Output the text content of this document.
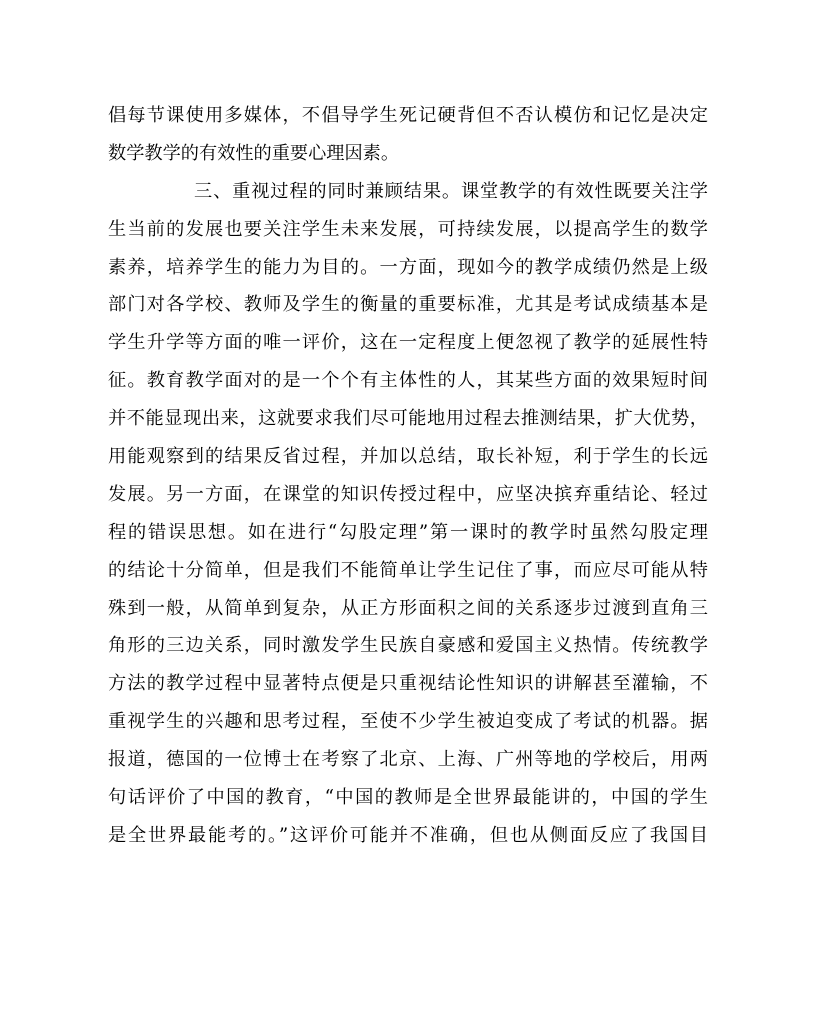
倡每节课使用多媒体，不倡导学生死记硬背但不否认模仿和记忆是决定
数学教学的有效性的重要心理因素。
三、重视过程的同时兼顾结果。课堂教学的有效性既要关注学
生当前的发展也要关注学生未来发展，可持续发展，以提高学生的数学
素养，培养学生的能力为目的。一方面，现如今的教学成绩仍然是上级
部门对各学校、教师及学生的衡量的重要标准，尤其是考试成绩基本是
学生升学等方面的唯一评价，这在一定程度上便忽视了教学的延展性特
征。教育教学面对的是一个个有主体性的人，其某些方面的效果短时间
并不能显现出来，这就要求我们尽可能地用过程去推测结果，扩大优势，
用能观察到的结果反省过程，并加以总结，取长补短，利于学生的长远
发展。另一方面，在课堂的知识传授过程中，应坚决摈弃重结论、轻过
程的错误思想。如在进行“勾股定理”第一课时的教学时虽然勾股定理
的结论十分简单，但是我们不能简单让学生记住了事，而应尽可能从特
殊到一般，从简单到复杂，从正方形面积之间的关系逐步过渡到直角三
角形的三边关系，同时激发学生民族自豪感和爱国主义热情。传统教学
方法的教学过程中显著特点便是只重视结论性知识的讲解甚至灌输，不
重视学生的兴趣和思考过程，至使不少学生被迫变成了考试的机器。据
报道，德国的一位博士在考察了北京、上海、广州等地的学校后，用两
句话评价了中国的教育，“中国的教师是全世界最能讲的，中国的学生
是全世界最能考的。”这评价可能并不准确，但也从侧面反应了我国目
